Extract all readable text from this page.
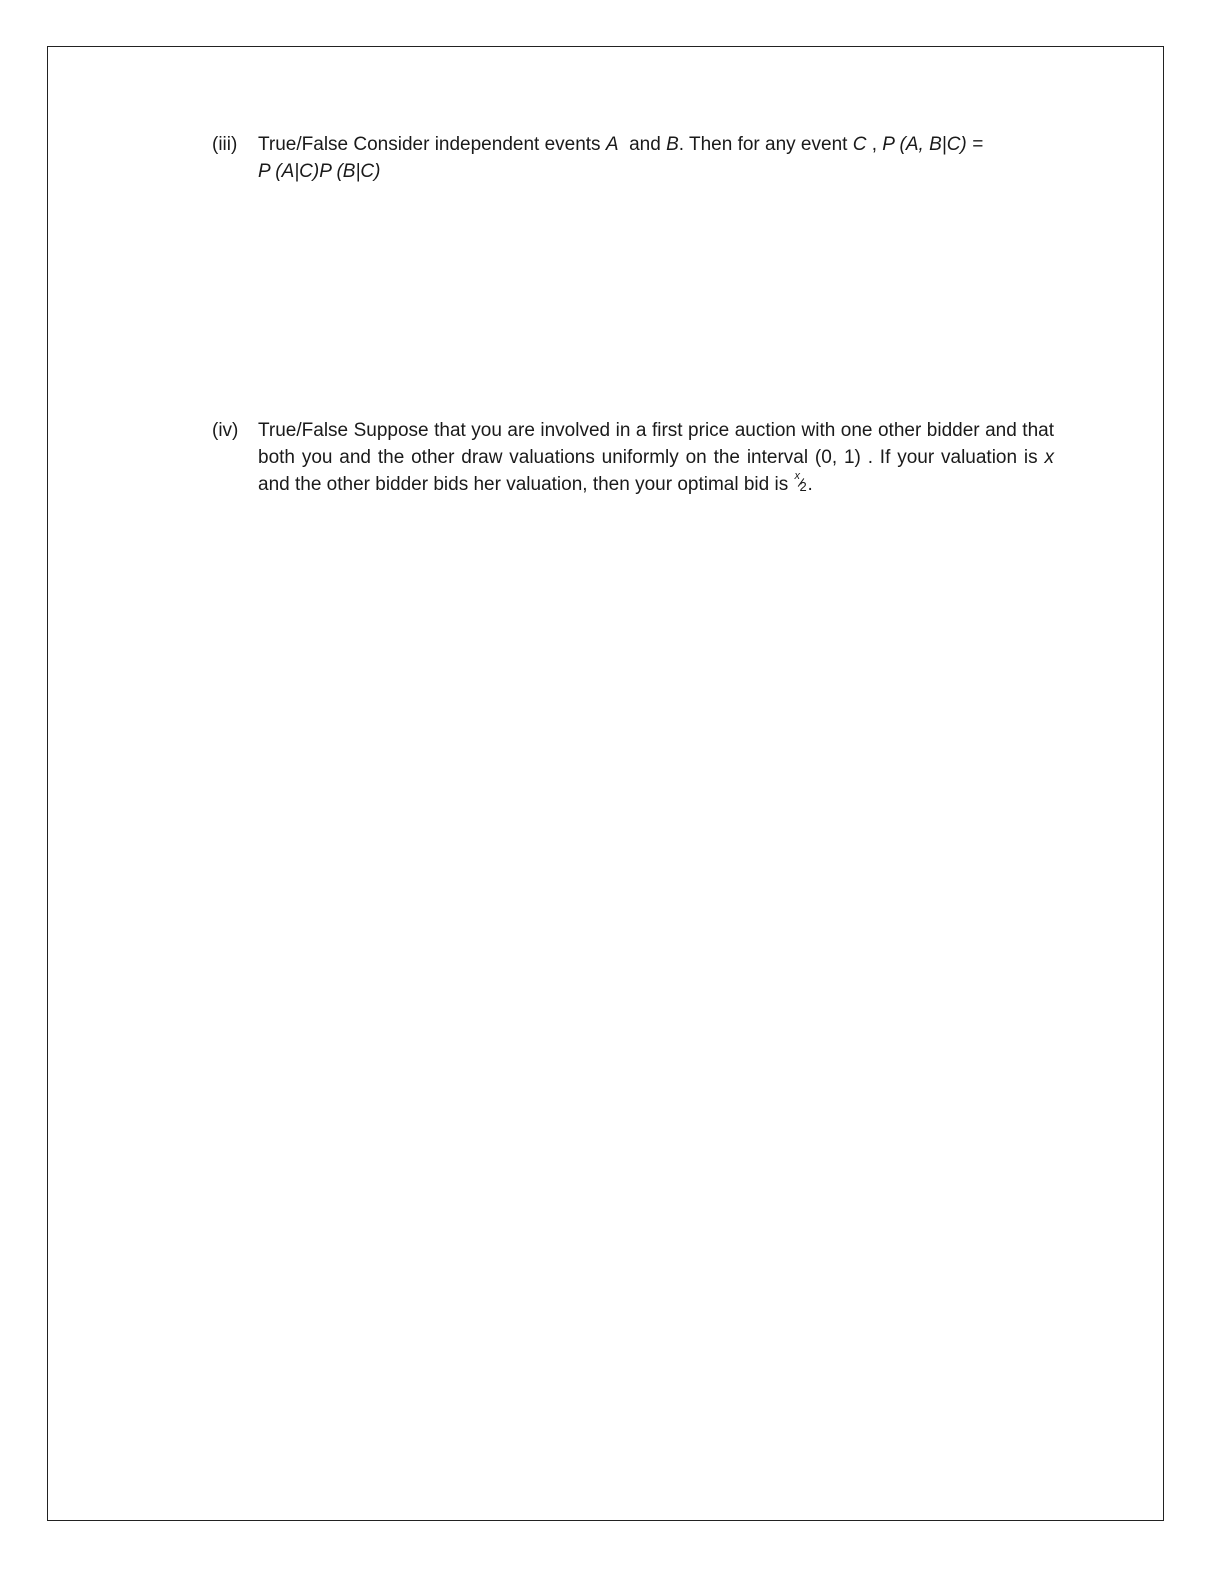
(iii)	True/False Consider independent events A and B. Then for any event C , P (A, B|C) =
P (A|C)P (B|C)
(iv)	True/False Suppose that you are involved in a first price auction with one other bidder and that both you and the other draw valuations uniformly on the interval (0, 1) . If your valuation is x and the other bidder bids her valuation, then your optimal bid is x
2 .
